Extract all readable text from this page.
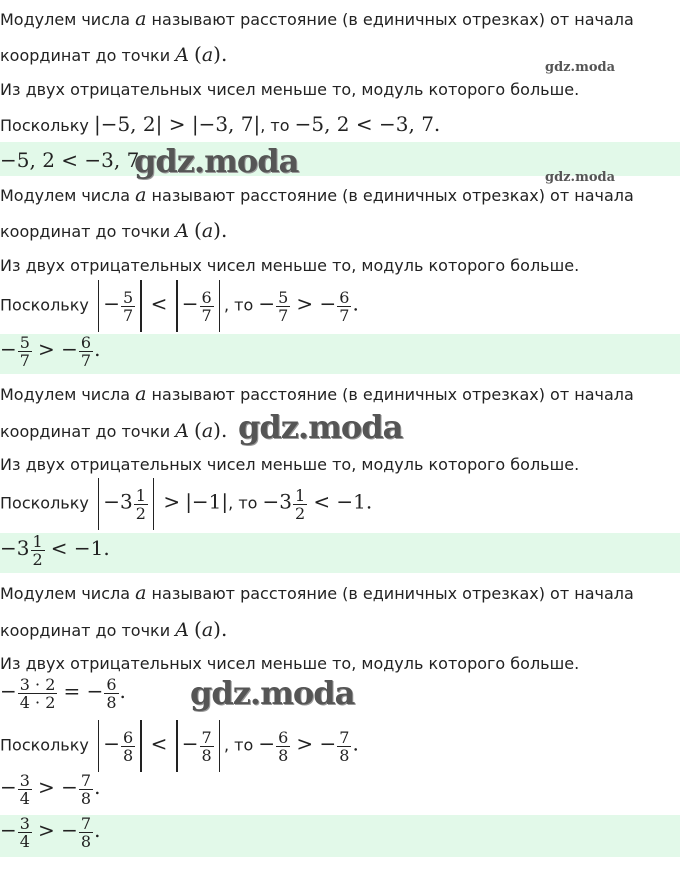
Модулем числа a называют расстояние (в единичных отрезках) от начала
координат до точки A (a).
gdz.moda
Из двух отрицательных чисел меньше то, модуль которого больше.
Поскольку |−5, 2| > |−3, 7|, то −5, 2 < −3, 7.
−5, 2 < −3, 7
gdz.moda	gdz.moda
Модулем числа a называют расстояние (в единичных отрезках) от начала
координат до точки A (a).
Из двух отрицательных чисел меньше то, модуль которого больше.
Поскольку − $\frac{5}{7}$ < − $\frac{6}{7}$ , то − $\frac{5}{7}$ > − $\frac{6}{7}$ .
− $\frac{5}{7}$ > − $\frac{6}{7}$ .
Модулем числа a называют расстояние (в единичных отрезках) от начала
координат до точки A (a). gdz.moda
Из двух отрицательных чисел меньше то, модуль которого больше.
Поскольку $-3 \frac{1}{2} > |-1|$, то $-3 \frac{1}{2} < -1$.
$-3 \frac{1}{2} < -1$.
Модулем числа a называют расстояние (в единичных отрезках) от начала
координат до точки A (a).
Из двух отрицательных чисел меньше то, модуль которого больше.
− $\frac{3 \cdot 2}{4 \cdot 2}$ = − $\frac{6}{8}$ . gdz.moda
Поскольку − $\frac{6}{8}$ < − $\frac{7}{8}$ , то − $\frac{6}{8}$ > − $\frac{7}{8}$ .
− $\frac{3}{4}$ > − $\frac{7}{8}$ .
− $\frac{3}{4}$ > − $\frac{7}{8}$ .
